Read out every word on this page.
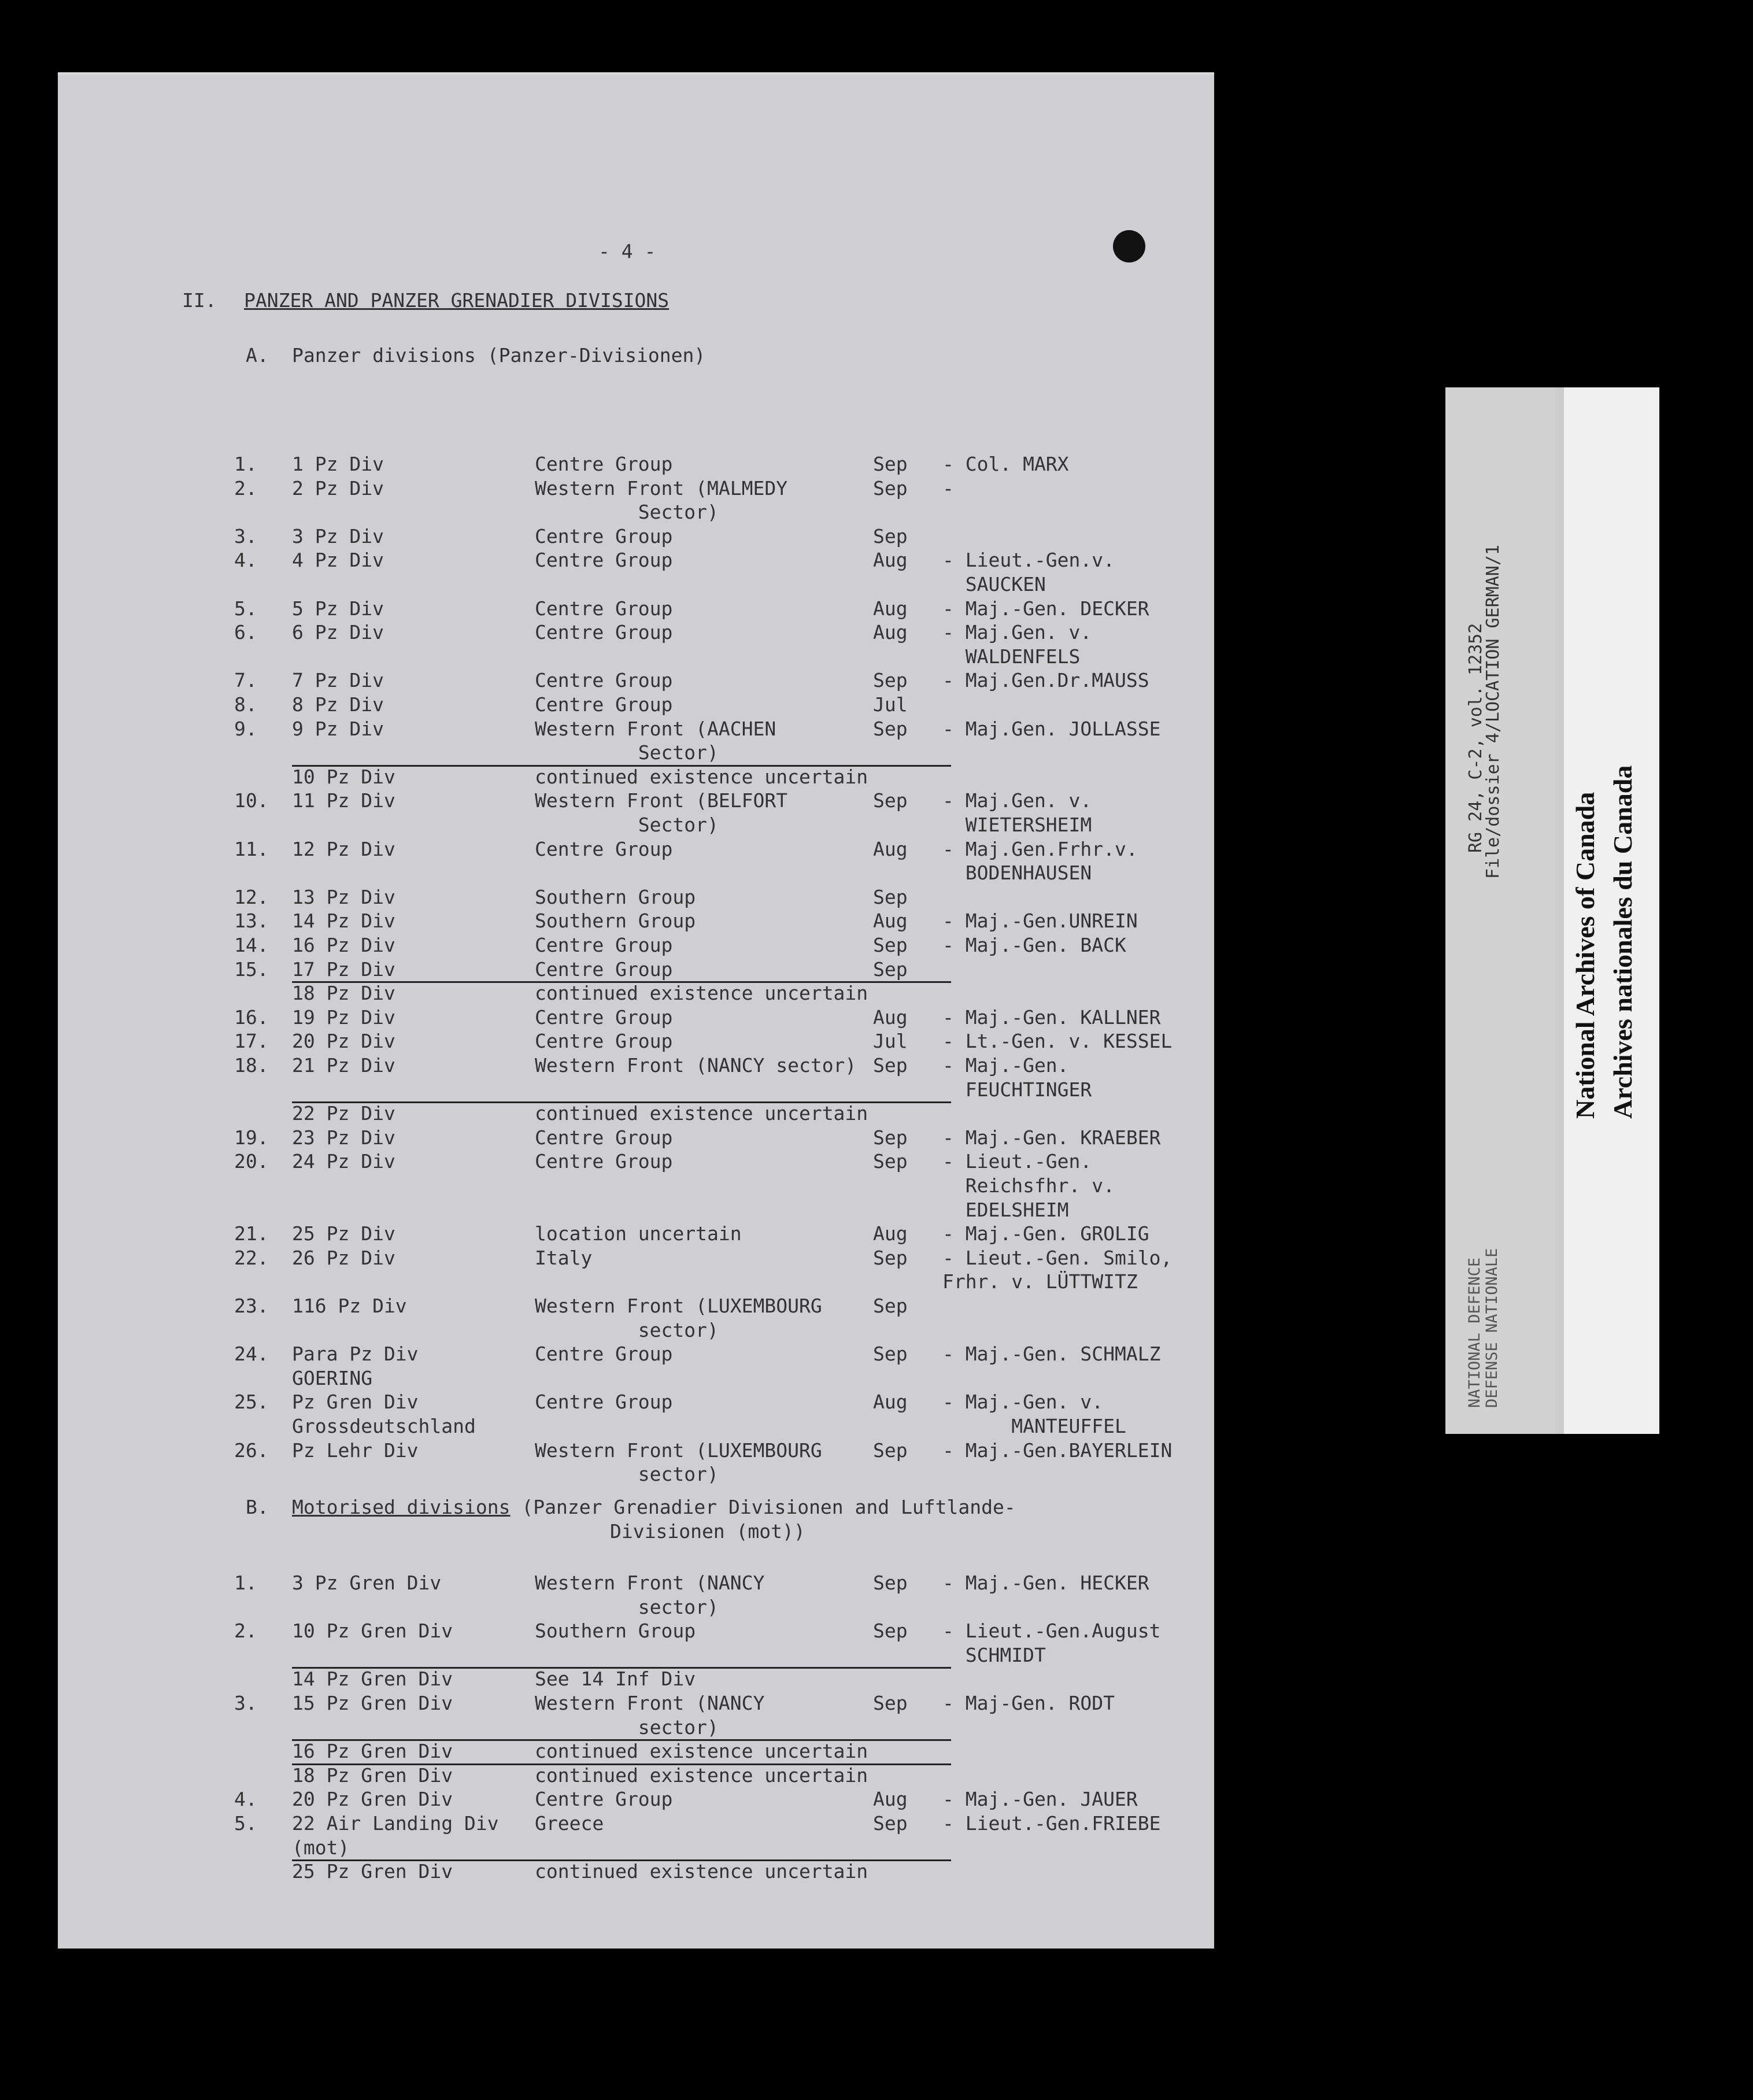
- 4 -
II. PANZER AND PANZER GRENADIER DIVISIONS
A. Panzer divisions (Panzer-Divisionen)
1. 1 Pz Div	Centre Group	Sep - Col. MARX
2. 2 Pz Div	Western Front (MALMEDY	Sep -
Sector)
3. 3 Pz Div	Centre Group	Sep
4. 4 Pz Div	Centre Group	Aug - Lieut.-Gen.v.
SAUCKEN
5. 5 Pz Div	Centre Group	Aug - Maj.-Gen. DECKER
6. 6 Pz Div	Centre Group	Aug - Maj.Gen. v.
WALDENFELS
7. 7 Pz Div	Centre Group	Sep - Maj.Gen.Dr.MAUSS
8. 8 Pz Div	Centre Group	Jul
9. 9 Pz Div	Western Front (AACHEN	Sep - Maj.Gen. JOLLASSE
Sector)
10 Pz Div	continued existence uncertain
10. 11 Pz Div	Western Front (BELFORT	Sep - Maj.Gen. v.
Sector)	WIETERSHEIM
11. 12 Pz Div	Centre Group	Aug - Maj.Gen.Frhr.v.
BODENHAUSEN
12. 13 Pz Div	Southern Group	Sep
13. 14 Pz Div	Southern Group	Aug - Maj.-Gen.UNREIN
14. 16 Pz Div	Centre Group	Sep - Maj.-Gen. BACK
15. 17 Pz Div	Centre Group	Sep
18 Pz Div	continued existence uncertain
16. 19 Pz Div	Centre Group	Aug - Maj.-Gen. KALLNER
17. 20 Pz Div	Centre Group	Jul - Lt.-Gen. v. KESSEL
18. 21 Pz Div	Western Front (NANCY sector) Sep - Maj.-Gen.
FEUCHTINGER
22 Pz Div	continued existence uncertain
19. 23 Pz Div	Centre Group	Sep - Maj.-Gen. KRAEBER
20. 24 Pz Div	Centre Group	Sep - Lieut.-Gen.
Reichsfhr. v.
EDELSHEIM
21. 25 Pz Div	location uncertain	Aug - Maj.-Gen. GROLIG
22. 26 Pz Div	Italy	Sep - Lieut.-Gen. Smilo,
Frhr. v. LÜTTWITZ
23. 116 Pz Div	Western Front (LUXEMBOURG	Sep
sector)
24. Para Pz Div	Centre Group	Sep - Maj.-Gen. SCHMALZ
GOERING
25. Pz Gren Div	Centre Group	Aug - Maj.-Gen. v.
Grossdeutschland	MANTEUFFEL
26. Pz Lehr Div	Western Front (LUXEMBOURG	Sep - Maj.-Gen.BAYERLEIN
sector)
B. Motorised divisions (Panzer Grenadier Divisionen and Luftlande-
Divisionen (mot))
1. 3 Pz Gren Div	Western Front (NANCY	Sep - Maj.-Gen. HECKER
sector)
2. 10 Pz Gren Div	Southern Group	Sep - Lieut.-Gen.August
SCHMIDT
14 Pz Gren Div	See 14 Inf Div
3. 15 Pz Gren Div	Western Front (NANCY	Sep - Maj-Gen. RODT
sector)
16 Pz Gren Div	continued existence uncertain
18 Pz Gren Div	continued existence uncertain
4. 20 Pz Gren Div	Centre Group	Aug - Maj.-Gen. JAUER
5. 22 Air Landing Div Greece	Sep - Lieut.-Gen.FRIEBE
(mot)
25 Pz Gren Div	continued existence uncertain
RG 24, C-2, vol. 12352
File/dossier 4/LOCATION GERMAN/1
NATIONAL DEFENCE DEFENSE NATIONALE
National Archives of Canada Archives nationales du Canada
